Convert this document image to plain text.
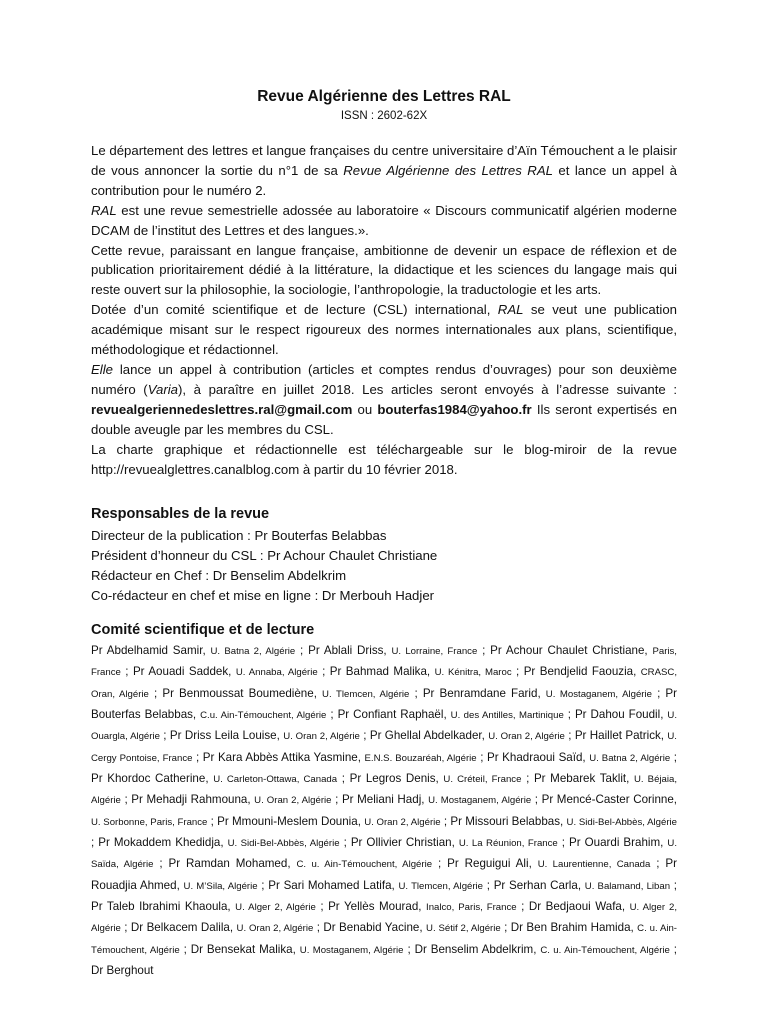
Revue Algérienne des Lettres RAL
ISSN : 2602-62X

Le département des lettres et langue françaises du centre universitaire d’Aïn Témouchent a le plaisir de vous annoncer la sortie du n°1 de sa Revue Algérienne des Lettres RAL et lance un appel à contribution pour le numéro 2.

RAL est une revue semestrielle adossée au laboratoire « Discours communicatif algérien moderne DCAM de l’institut des Lettres et des langues.».

Cette revue, paraissant en langue française, ambitionne de devenir un espace de réflexion et de publication prioritairement dédié à la littérature, la didactique et les sciences du langage mais qui reste ouvert sur la philosophie, la sociologie, l’anthropologie, la traductologie et les arts.

Dotée d’un comité scientifique et de lecture (CSL) international, RAL se veut une publication académique misant sur le respect rigoureux des normes internationales aux plans, scientifique, méthodologique et rédactionnel.

Elle lance un appel à contribution (articles et comptes rendus d’ouvrages) pour son deuxième numéro (Varia), à paraître en juillet 2018. Les articles seront envoyés à l’adresse suivante : revuealgeriennedeslettres.ral@gmail.com ou bouterfas1984@yahoo.fr Ils seront expertisés en double aveugle par les membres du CSL.

La charte graphique et rédactionnelle est téléchargeable sur le blog-miroir de la revue http://revuealglettres.canalblog.com à partir du 10 février 2018.

Responsables de la revue
Directeur de la publication : Pr Bouterfas Belabbas
Président d’honneur du CSL : Pr Achour Chaulet Christiane
Rédacteur en Chef : Dr Benselim Abdelkrim
Co-rédacteur en chef et mise en ligne : Dr Merbouh Hadjer
Comité scientifique et de lecture

Pr Abdelhamid Samir, U. Batna 2, Algérie ; Pr Ablali Driss, U. Lorraine, France ; Pr Achour Chaulet Christiane, Paris, France ; Pr Aouadi Saddek, U. Annaba, Algérie ; Pr Bahmad Malika, U. Kénitra, Maroc ; Pr Bendjelid Faouzia, CRASC, Oran, Algérie ; Pr Benmoussat Boumediène, U. Tlemcen, Algérie ; Pr Benramdane Farid, U. Mostaganem, Algérie ; Pr Bouterfas Belabbas, C.u. Ain-Témouchent, Algérie ; Pr Confiant Raphaël, U. des Antilles, Martinique ; Pr Dahou Foudil, U. Ouargla, Algérie ; Pr Driss Leila Louise, U. Oran 2, Algérie ; Pr Ghellal Abdelkader, U. Oran 2, Algérie ; Pr Haillet Patrick, U. Cergy Pontoise, France ; Pr Kara Abbès Attika Yasmine, E.N.S. Bouzaréah, Algérie ; Pr Khadraoui Saïd, U. Batna 2, Algérie ; Pr Khordoc Catherine, U. Carleton-Ottawa, Canada ; Pr Legros Denis, U. Créteil, France ; Pr Mebarek Taklit, U. Béjaia, Algérie ; Pr Mehadji Rahmouna, U. Oran 2, Algérie ; Pr Meliani Hadj, U. Mostaganem, Algérie ; Pr Mencé-Caster Corinne, U. Sorbonne, Paris, France ; Pr Mmouni-Meslem Dounia, U. Oran 2, Algérie ; Pr Missouri Belabbas, U. Sidi-Bel-Abbès, Algérie ; Pr Mokaddem Khedidja, U. Sidi-Bel-Abbès, Algérie ; Pr Ollivier Christian, U. La Réunion, France ; Pr Ouardi Brahim, U. Saïda, Algérie ; Pr Ramdan Mohamed, C. u. Ain-Témouchent, Algérie ; Pr Reguigui Ali, U. Laurentienne, Canada ; Pr Rouadjia Ahmed, U. M’Sila, Algérie ; Pr Sari Mohamed Latifa, U. Tlemcen, Algérie ; Pr Serhan Carla, U. Balamand, Liban ; Pr Taleb Ibrahimi Khaoula, U. Alger 2, Algérie ; Pr Yellès Mourad, Inalco, Paris, France ; Dr Bedjaoui Wafa, U. Alger 2, Algérie ; Dr Belkacem Dalila, U. Oran 2, Algérie ; Dr Benabid Yacine, U. Sétif 2, Algérie ; Dr Ben Brahim Hamida, C. u. Ain-Témouchent, Algérie ; Dr Bensekat Malika, U. Mostaganem, Algérie ; Dr Benselim Abdelkrim, C. u. Ain-Témouchent, Algérie ; Dr Berghout
